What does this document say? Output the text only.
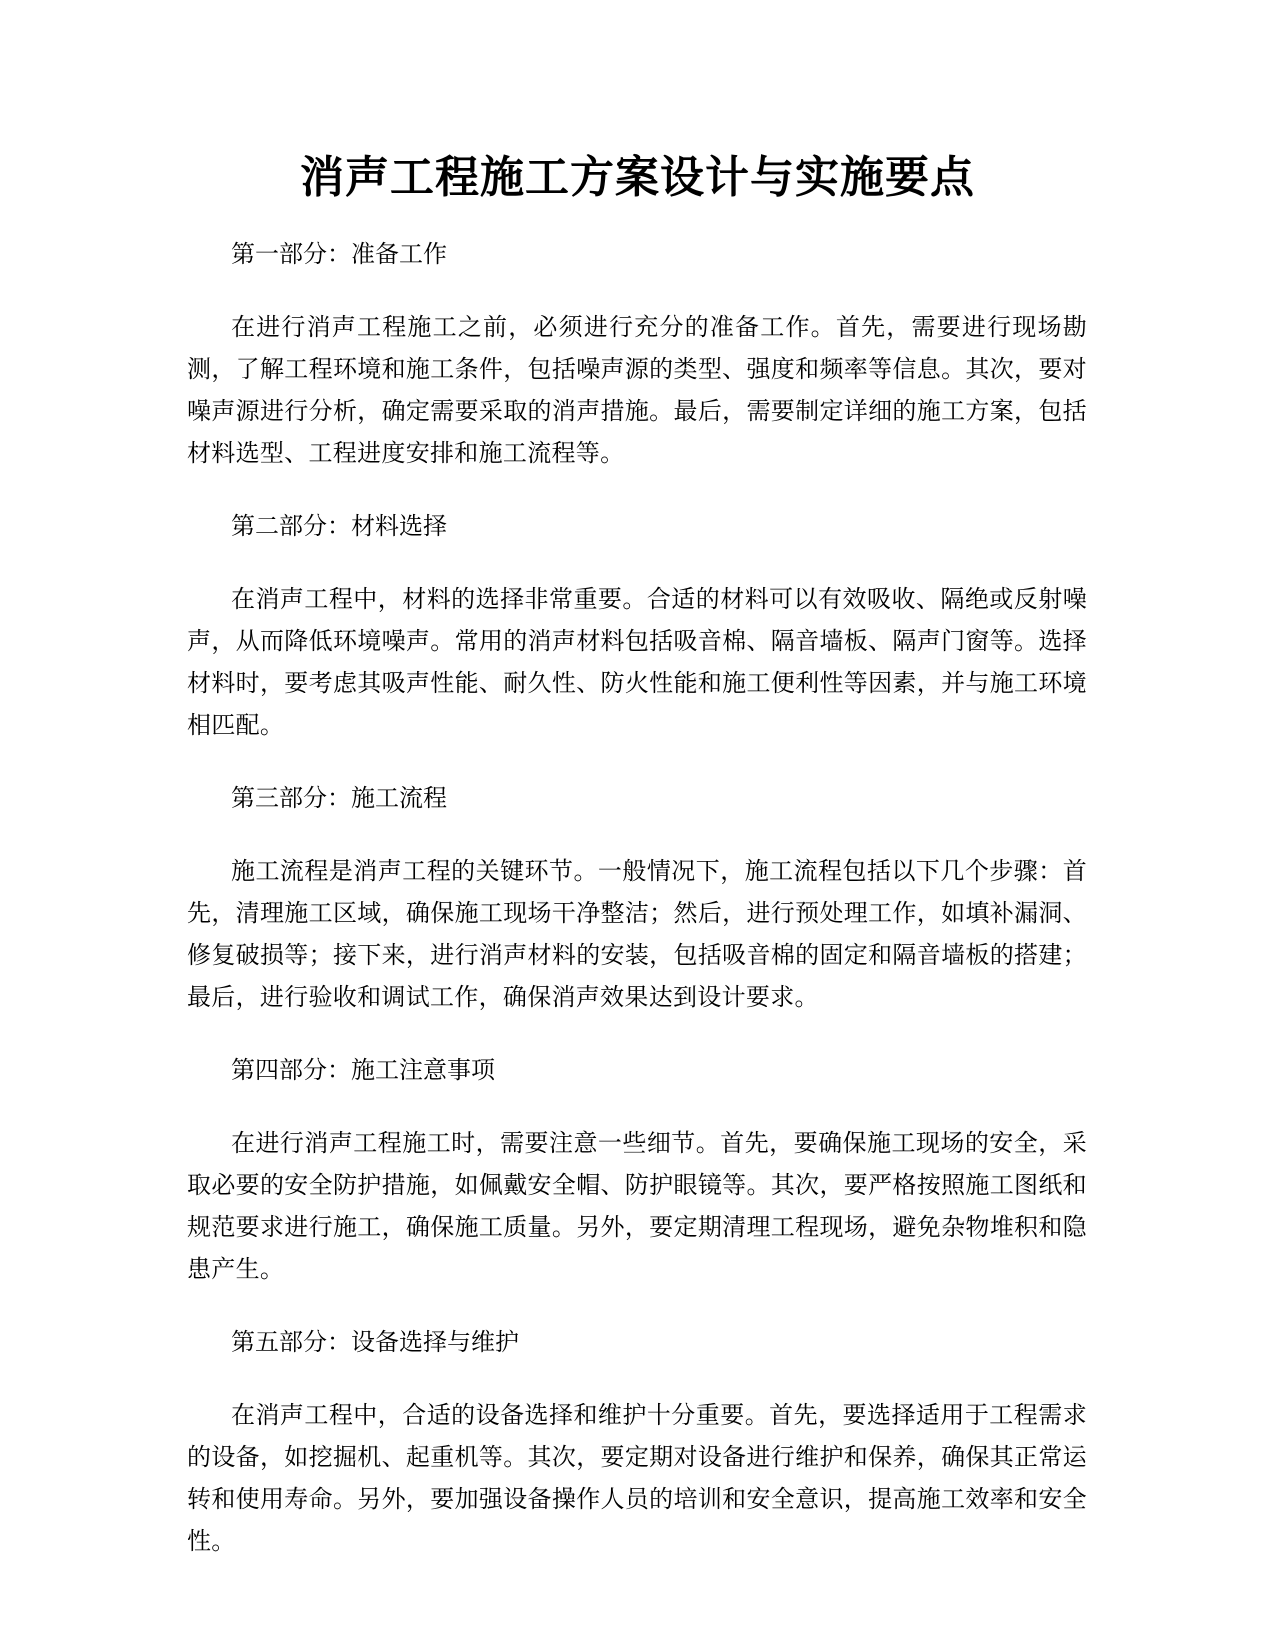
消声工程施工方案设计与实施要点

第一部分：准备工作

在进行消声工程施工之前，必须进行充分的准备工作。首先，需要进行现场勘测，了解工程环境和施工条件，包括噪声源的类型、强度和频率等信息。其次，要对噪声源进行分析，确定需要采取的消声措施。最后，需要制定详细的施工方案，包括材料选型、工程进度安排和施工流程等。

第二部分：材料选择

在消声工程中，材料的选择非常重要。合适的材料可以有效吸收、隔绝或反射噪声，从而降低环境噪声。常用的消声材料包括吸音棉、隔音墙板、隔声门窗等。选择材料时，要考虑其吸声性能、耐久性、防火性能和施工便利性等因素，并与施工环境相匹配。

第三部分：施工流程

施工流程是消声工程的关键环节。一般情况下，施工流程包括以下几个步骤：首先，清理施工区域，确保施工现场干净整洁；然后，进行预处理工作，如填补漏洞、修复破损等；接下来，进行消声材料的安装，包括吸音棉的固定和隔音墙板的搭建；最后，进行验收和调试工作，确保消声效果达到设计要求。

第四部分：施工注意事项

在进行消声工程施工时，需要注意一些细节。首先，要确保施工现场的安全，采取必要的安全防护措施，如佩戴安全帽、防护眼镜等。其次，要严格按照施工图纸和规范要求进行施工，确保施工质量。另外，要定期清理工程现场，避免杂物堆积和隐患产生。

第五部分：设备选择与维护

在消声工程中，合适的设备选择和维护十分重要。首先，要选择适用于工程需求的设备，如挖掘机、起重机等。其次，要定期对设备进行维护和保养，确保其正常运转和使用寿命。另外，要加强设备操作人员的培训和安全意识，提高施工效率和安全性。
